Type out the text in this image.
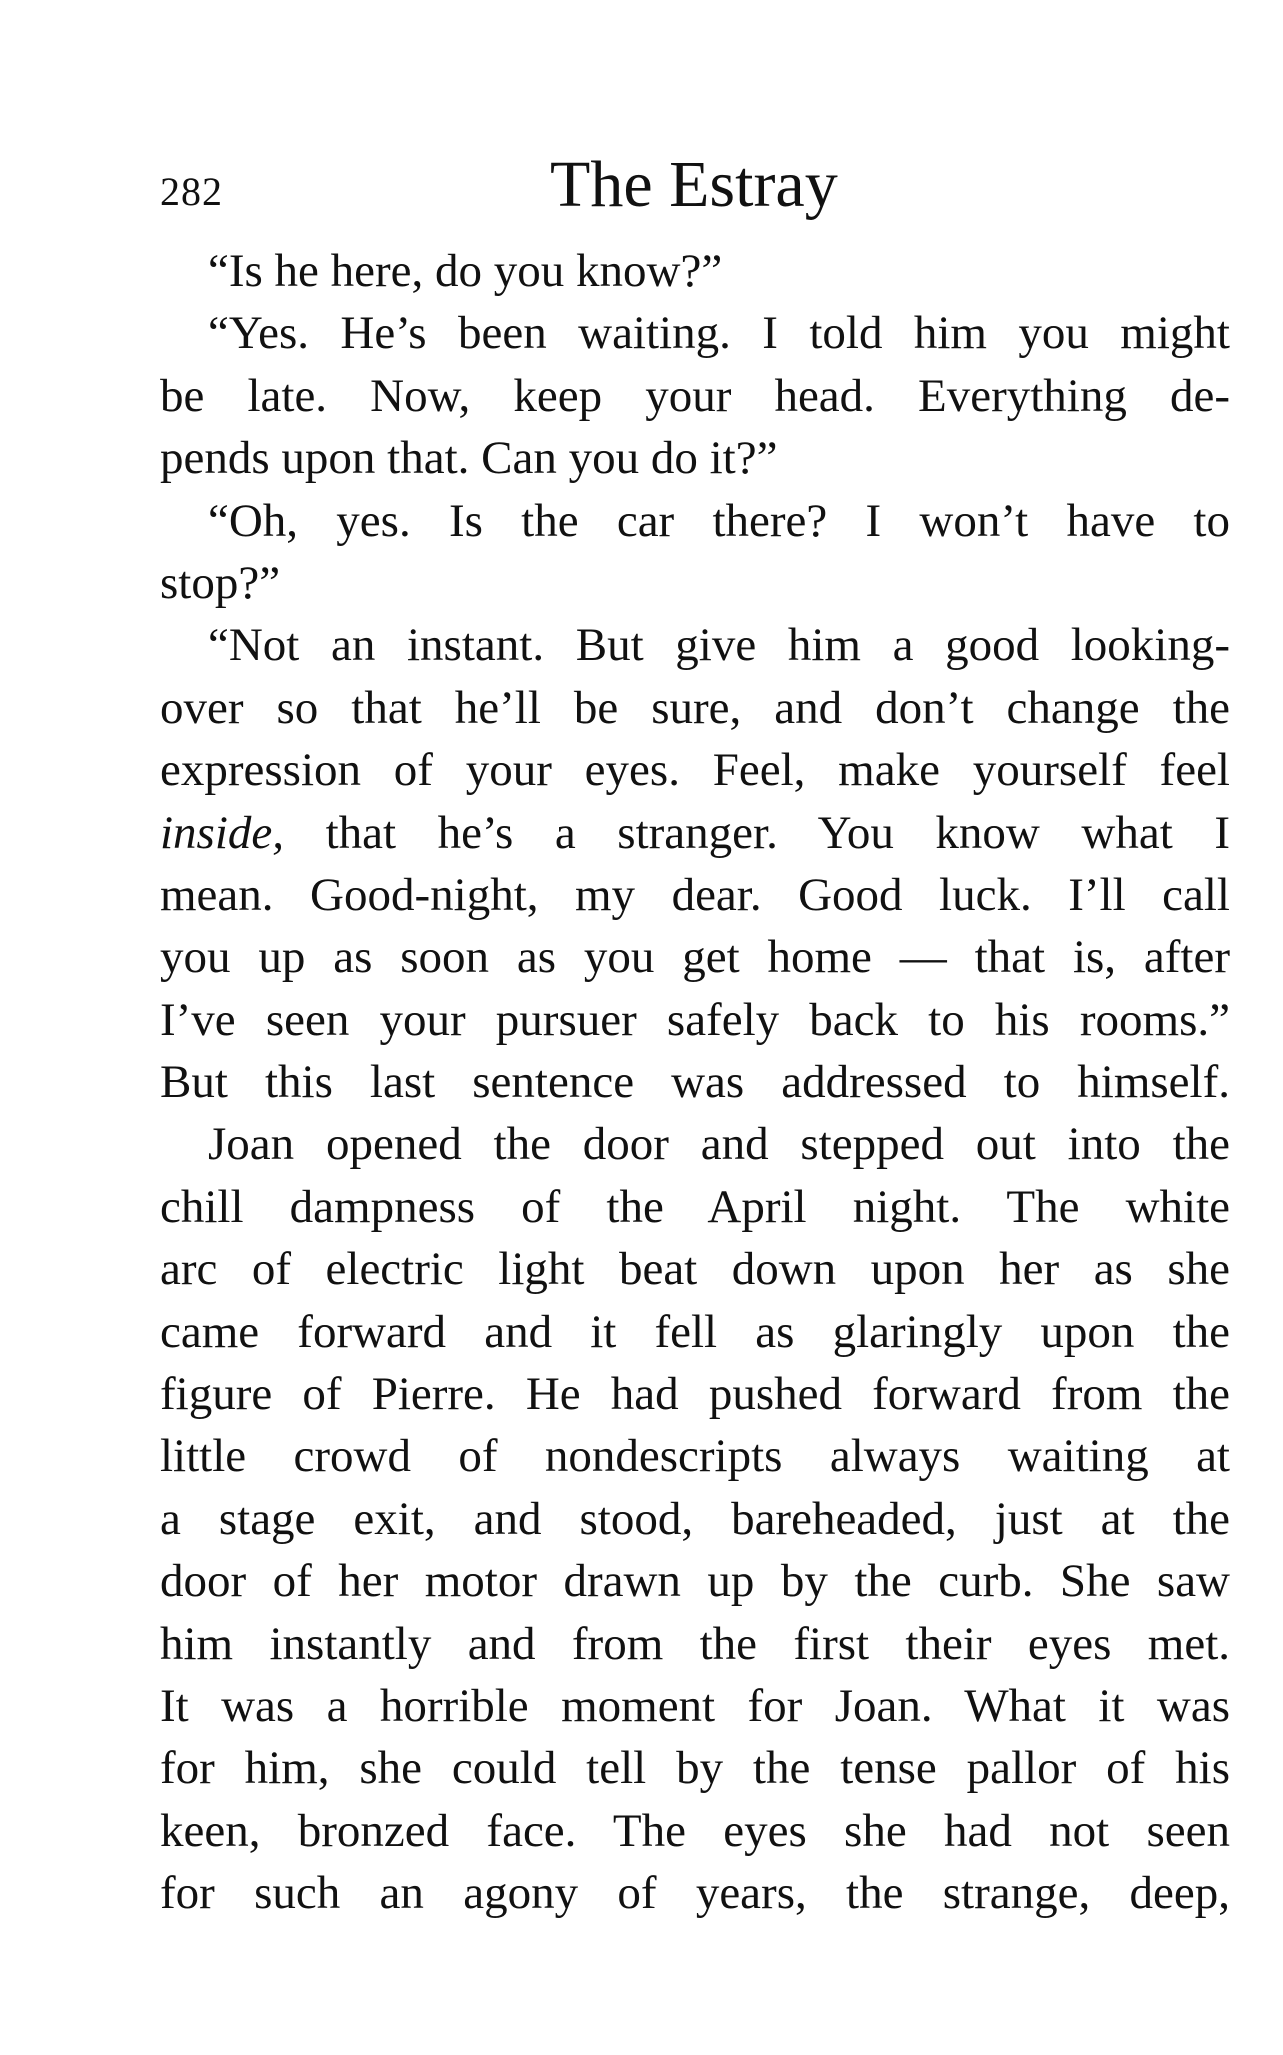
282	The Estray
“Is he here, do you know?”
“Yes. He’s been waiting. I told him you might
be late. Now, keep your head. Everything de-
pends upon that. Can you do it?”
“Oh, yes. Is the car there? I won’t have to
stop?”
“Not an instant. But give him a good looking-
over so that he’ll be sure, and don’t change the
expression of your eyes. Feel, make yourself feel
inside, that he’s a stranger. You know what I
mean. Good-night, my dear. Good luck. I’ll call
you up as soon as you get home — that is, after
I’ve seen your pursuer safely back to his rooms.”
But this last sentence was addressed to himself.
Joan opened the door and stepped out into the
chill dampness of the April night. The white
arc of electric light beat down upon her as she
came forward and it fell as glaringly upon the
figure of Pierre. He had pushed forward from the
little crowd of nondescripts always waiting at
a stage exit, and stood, bareheaded, just at the
door of her motor drawn up by the curb. She saw
him instantly and from the first their eyes met.
It was a horrible moment for Joan. What it was
for him, she could tell by the tense pallor of his
keen, bronzed face. The eyes she had not seen
for such an agony of years, the strange, deep,
